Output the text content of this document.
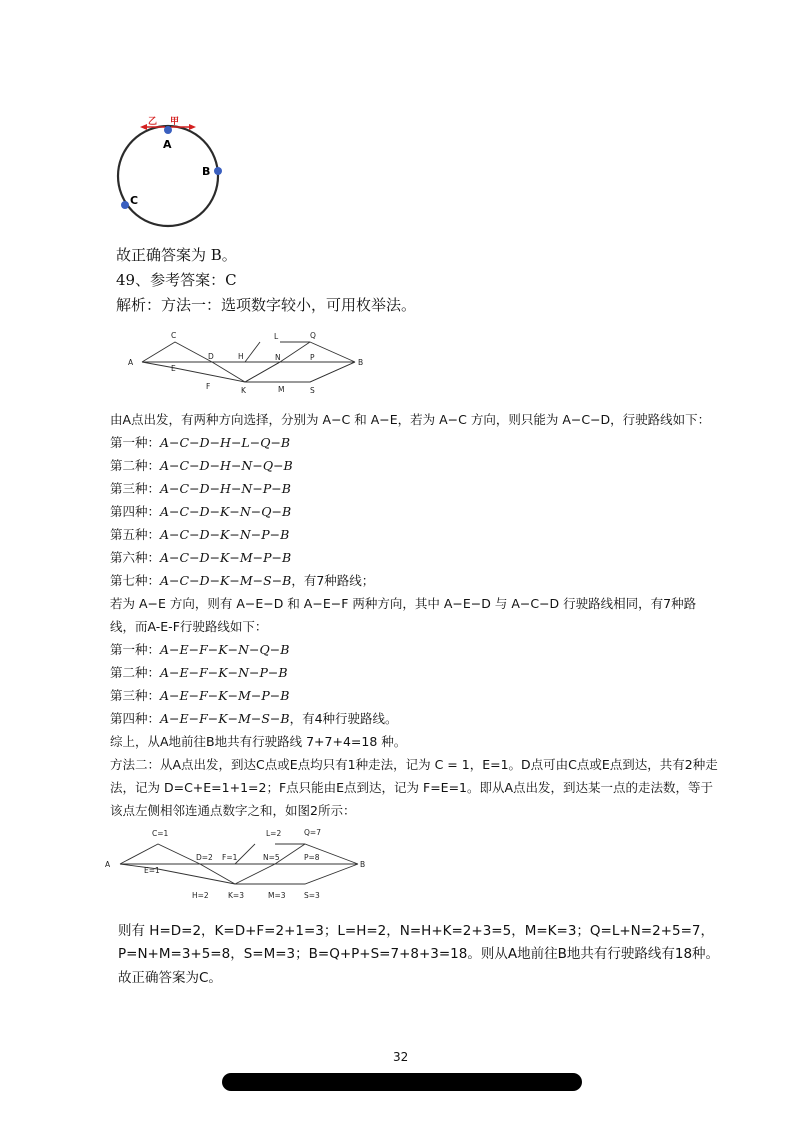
乙 甲
A
B
C
故正确答案为 B。
49、参考答案：C
解析：方法一：选项数字较小，可用枚举法。
A
C
E
D
F
H
K
L
N
M
Q
P
S
B
由A点出发，有两种方向选择，分别为 A−C 和 A−E，若为 A−C 方向，则只能为 A−C−D，行驶路线如下：
第一种：A−C−D−H−L−Q−B
第二种：A−C−D−H−N−Q−B
第三种：A−C−D−H−N−P−B
第四种：A−C−D−K−N−Q−B
第五种：A−C−D−K−N−P−B
第六种：A−C−D−K−M−P−B
第七种：A−C−D−K−M−S−B，有7种路线；
若为 A−E 方向，则有 A−E−D 和 A−E−F 两种方向，其中 A−E−D 与 A−C−D 行驶路线相同，有7种路
线，而A-E-F行驶路线如下：
第一种：A−E−F−K−N−Q−B
第二种：A−E−F−K−N−P−B
第三种：A−E−F−K−M−P−B
第四种：A−E−F−K−M−S−B，有4种行驶路线。
综上，从A地前往B地共有行驶路线 7+7+4=18 种。
方法二：从A点出发，到达C点或E点均只有1种走法，记为 C = 1，E=1。D点可由C点或E点到达，共有2种走
法，记为 D=C+E=1+1=2；F点只能由E点到达，记为 F=E=1。即从A点出发，到达某一点的走法数，等于
该点左侧相邻连通点数字之和，如图2所示：
A
C=1
E=1
D=2
H=2
F=1
K=3
L=2
N=5
M=3
Q=7
P=8
S=3
B
则有 H=D=2，K=D+F=2+1=3；L=H=2，N=H+K=2+3=5，M=K=3；Q=L+N=2+5=7，
P=N+M=3+5=8，S=M=3；B=Q+P+S=7+8+3=18。则从A地前往B地共有行驶路线有18种。
故正确答案为C。
32
